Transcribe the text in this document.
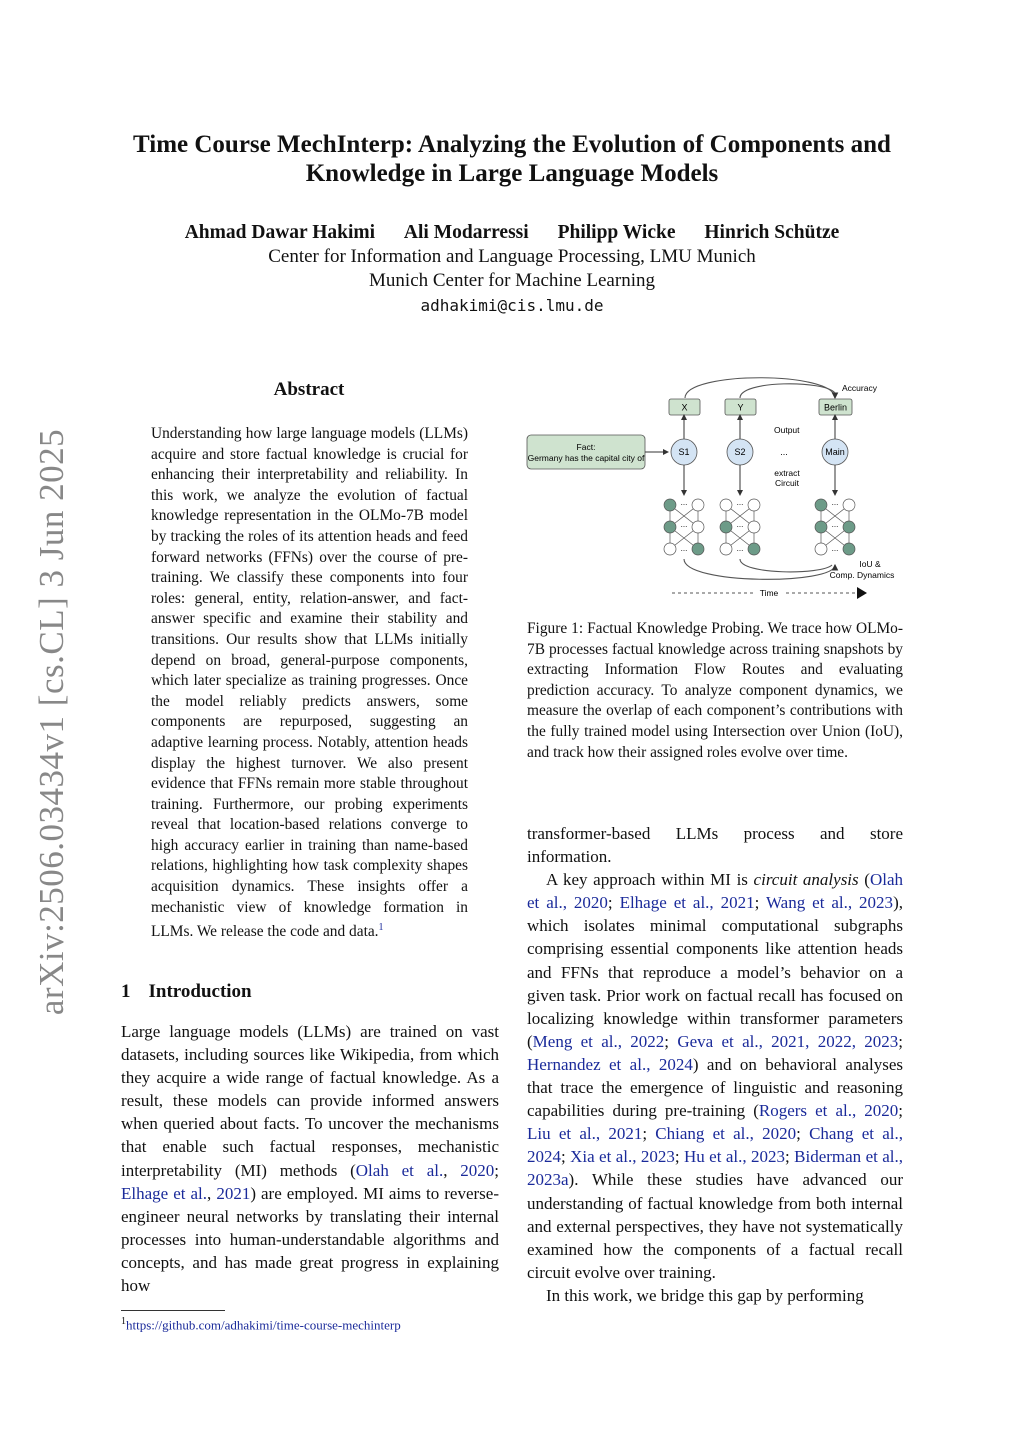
Time Course MechInterp: Analyzing the Evolution of Components and
Knowledge in Large Language Models
Ahmad Dawar Hakimi Ali Modarressi Philipp Wicke Hinrich Schütze
Center for Information and Language Processing, LMU Munich
Munich Center for Machine Learning
adhakimi@cis.lmu.de
arXiv:2506.03434v1 [cs.CL] 3 Jun 2025
Abstract
Understanding how large language models (LLMs) acquire and store factual knowledge is crucial for enhancing their interpretability and reliability. In this work, we analyze the evolution of factual knowledge representation in the OLMo-7B model by tracking the roles of its attention heads and feed forward networks (FFNs) over the course of pre-training. We classify these components into four roles: general, entity, relation-answer, and fact-answer specific and examine their stability and transitions. Our results show that LLMs initially depend on broad, general-purpose components, which later specialize as training progresses. Once the model reliably predicts answers, some components are repurposed, suggesting an adaptive learning process. Notably, attention heads display the highest turnover. We also present evidence that FFNs remain more stable throughout training. Furthermore, our probing experiments reveal that location-based relations converge to high accuracy earlier in training than name-based relations, highlighting how task complexity shapes acquisition dynamics. These insights offer a mechanistic view of knowledge formation in LLMs. We release the code and data.$^1$
1 Introduction
Large language models (LLMs) are trained on vast datasets, including sources like Wikipedia, from which they acquire a wide range of factual knowledge. As a result, these models can provide informed answers when queried about facts. To uncover the mechanisms that enable such factual responses, mechanistic interpretability (MI) methods (Olah et al., 2020; Elhage et al., 2021) are employed. MI aims to reverse-engineer neural networks by translating their internal processes into human-understandable algorithms and concepts, and has made great progress in explaining how
$^1$https://github.com/adhakimi/time-course-mechinterp
Accuracy
X	Y	Berlin
Output
Fact:
Germany has the capital city of
S1	S2	Main
...
extract
Circuit
...
...
...
...
...
...
...
...
...
IoU &
Comp. Dynamics
Time
Figure 1: Factual Knowledge Probing. We trace how OLMo-7B processes factual knowledge across training snapshots by extracting Information Flow Routes and evaluating prediction accuracy. To analyze component dynamics, we measure the overlap of each component’s contributions with the fully trained model using Intersection over Union (IoU), and track how their assigned roles evolve over time.

transformer-based LLMs process and store information.

A key approach within MI is circuit analysis (Olah et al., 2020; Elhage et al., 2021; Wang et al., 2023), which isolates minimal computational subgraphs comprising essential components like attention heads and FFNs that reproduce a model’s behavior on a given task. Prior work on factual recall has focused on localizing knowledge within transformer parameters (Meng et al., 2022; Geva et al., 2021, 2022, 2023; Hernandez et al., 2024) and on behavioral analyses that trace the emergence of linguistic and reasoning capabilities during pre-training (Rogers et al., 2020; Liu et al., 2021; Chiang et al., 2020; Chang et al., 2024; Xia et al., 2023; Hu et al., 2023; Biderman et al., 2023a). While these studies have advanced our understanding of factual knowledge from both internal and external perspectives, they have not systematically examined how the components of a factual recall circuit evolve over training.

In this work, we bridge this gap by performing
